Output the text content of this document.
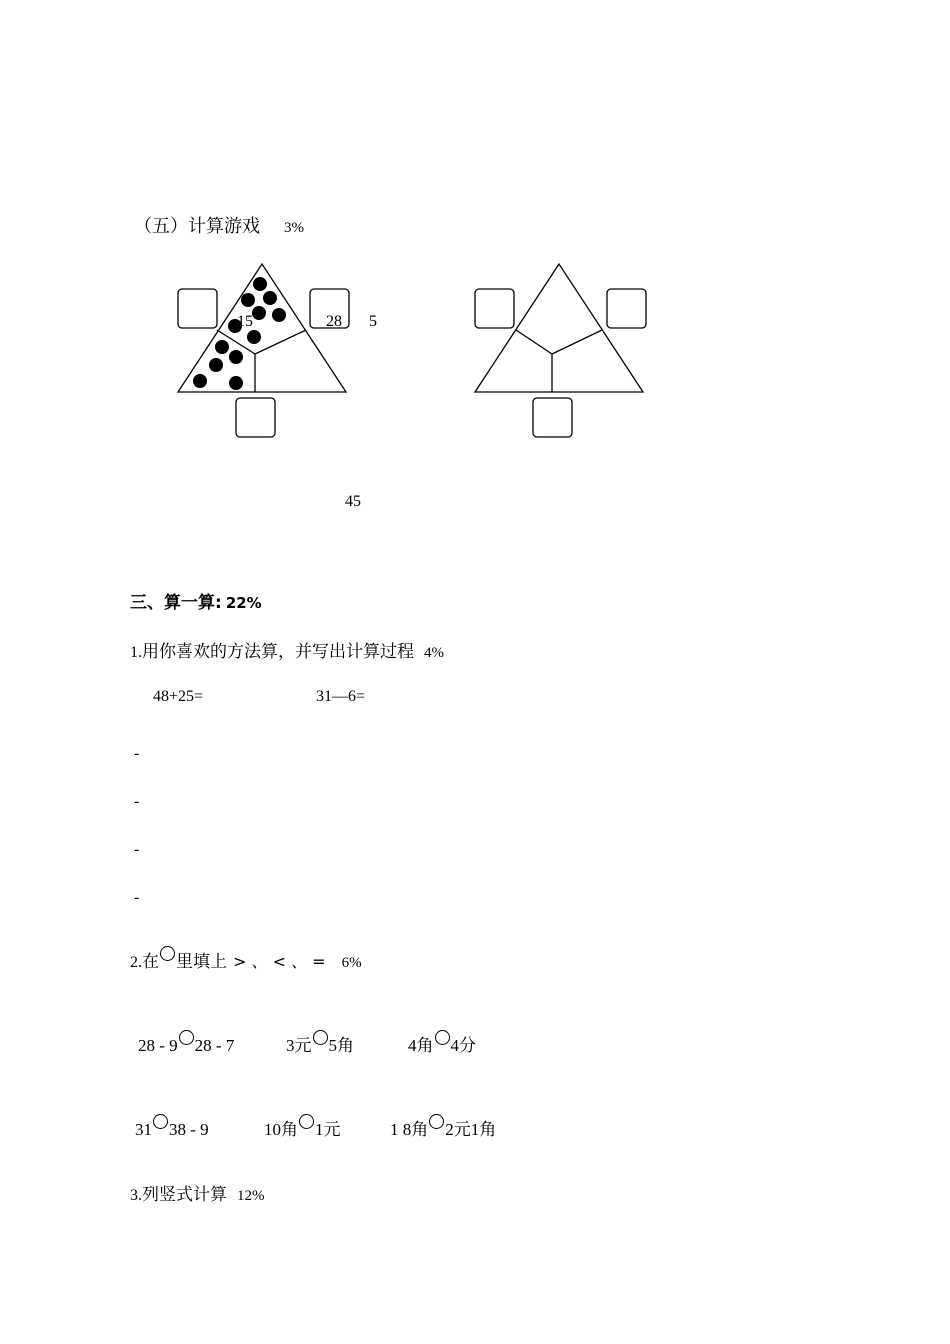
（五）计算游戏 3%
15	28 5
45
三、算一算: 22%
1.用你喜欢的方法算，并写出计算过程 4%
48+25=	31—6=
-
-
-
-
2.在 里填上 > 、 < 、 = 6%
28 - 9 28 - 7	3元 5角	4角 4分
31 38 - 9	10角 1元	1 8角 2元1角
3.列竖式计算 12%
